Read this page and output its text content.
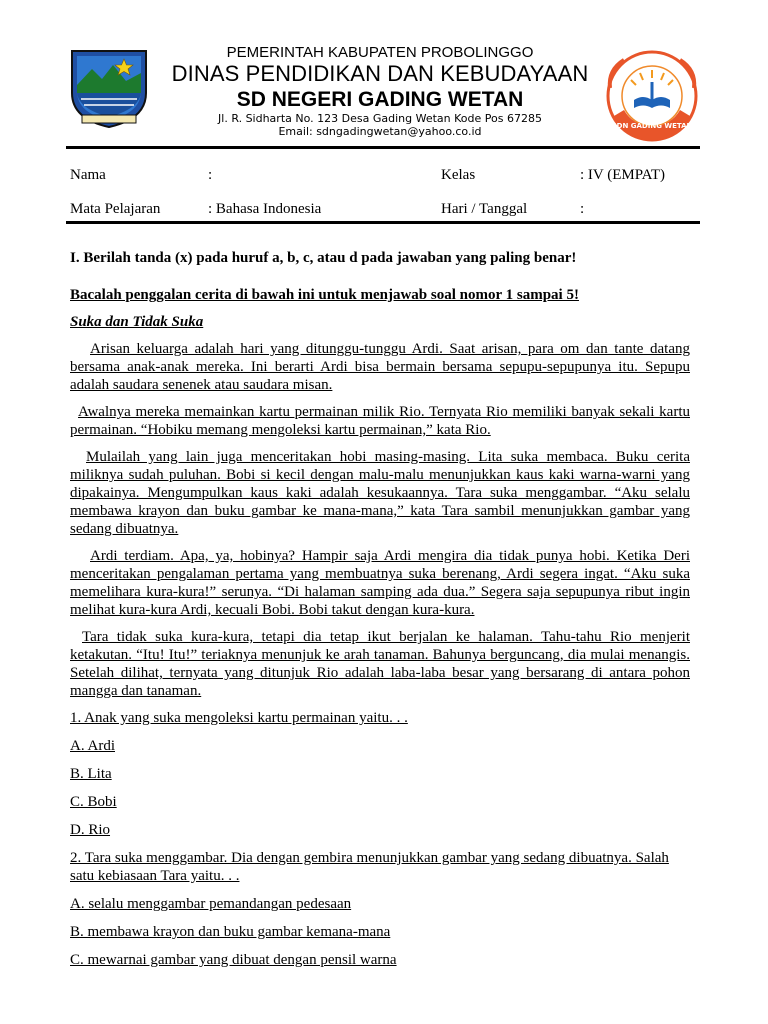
PEMERINTAH KABUPATEN PROBOLINGGO
DINAS PENDIDIKAN DAN KEBUDAYAAN
SD NEGERI GADING WETAN
Jl. R. Sidharta No. 123 Desa Gading Wetan Kode Pos 67285
Email: sdngadingwetan@yahoo.co.id	SDN GADING WETAN
Nama	:	Kelas	: IV (EMPAT)
Mata Pelajaran	: Bahasa Indonesia	Hari / Tanggal	:
I. Berilah tanda (x) pada huruf a, b, c, atau d pada jawaban yang paling benar!
Bacalah penggalan cerita di bawah ini untuk menjawab soal nomor 1 sampai 5!
Suka dan Tidak Suka

Arisan keluarga adalah hari yang ditunggu-tunggu Ardi. Saat arisan, para om dan tante datang bersama anak-anak mereka. Ini berarti Ardi bisa bermain bersama sepupu-sepupunya itu. Sepupu adalah saudara senenek atau saudara misan.

Awalnya mereka memainkan kartu permainan milik Rio. Ternyata Rio memiliki banyak sekali kartu permainan. “Hobiku memang mengoleksi kartu permainan,” kata Rio.

Mulailah yang lain juga menceritakan hobi masing-masing. Lita suka membaca. Buku cerita miliknya sudah puluhan. Bobi si kecil dengan malu-malu menunjukkan kaus kaki warna-warni yang dipakainya. Mengumpulkan kaus kaki adalah kesukaannya. Tara suka menggambar. “Aku selalu membawa krayon dan buku gambar ke mana-mana,” kata Tara sambil menunjukkan gambar yang sedang dibuatnya.

Ardi terdiam. Apa, ya, hobinya? Hampir saja Ardi mengira dia tidak punya hobi. Ketika Deri menceritakan pengalaman pertama yang membuatnya suka berenang, Ardi segera ingat. “Aku suka memelihara kura-kura!” serunya. “Di halaman samping ada dua.” Segera saja sepupunya ribut ingin melihat kura-kura Ardi, kecuali Bobi. Bobi takut dengan kura-kura.

Tara tidak suka kura-kura, tetapi dia tetap ikut berjalan ke halaman. Tahu-tahu Rio menjerit ketakutan. “Itu! Itu!” teriaknya menunjuk ke arah tanaman. Bahunya berguncang, dia mulai menangis. Setelah dilihat, ternyata yang ditunjuk Rio adalah laba-laba besar yang bersarang di antara pohon mangga dan tanaman.

1. Anak yang suka mengoleksi kartu permainan yaitu. . .
A. Ardi
B. Lita
C. Bobi
D. Rio
2. Tara suka menggambar. Dia dengan gembira menunjukkan gambar yang sedang dibuatnya. Salah satu kebiasaan Tara yaitu. . .
A. selalu menggambar pemandangan pedesaan
B. membawa krayon dan buku gambar kemana-mana
C. mewarnai gambar yang dibuat dengan pensil warna
